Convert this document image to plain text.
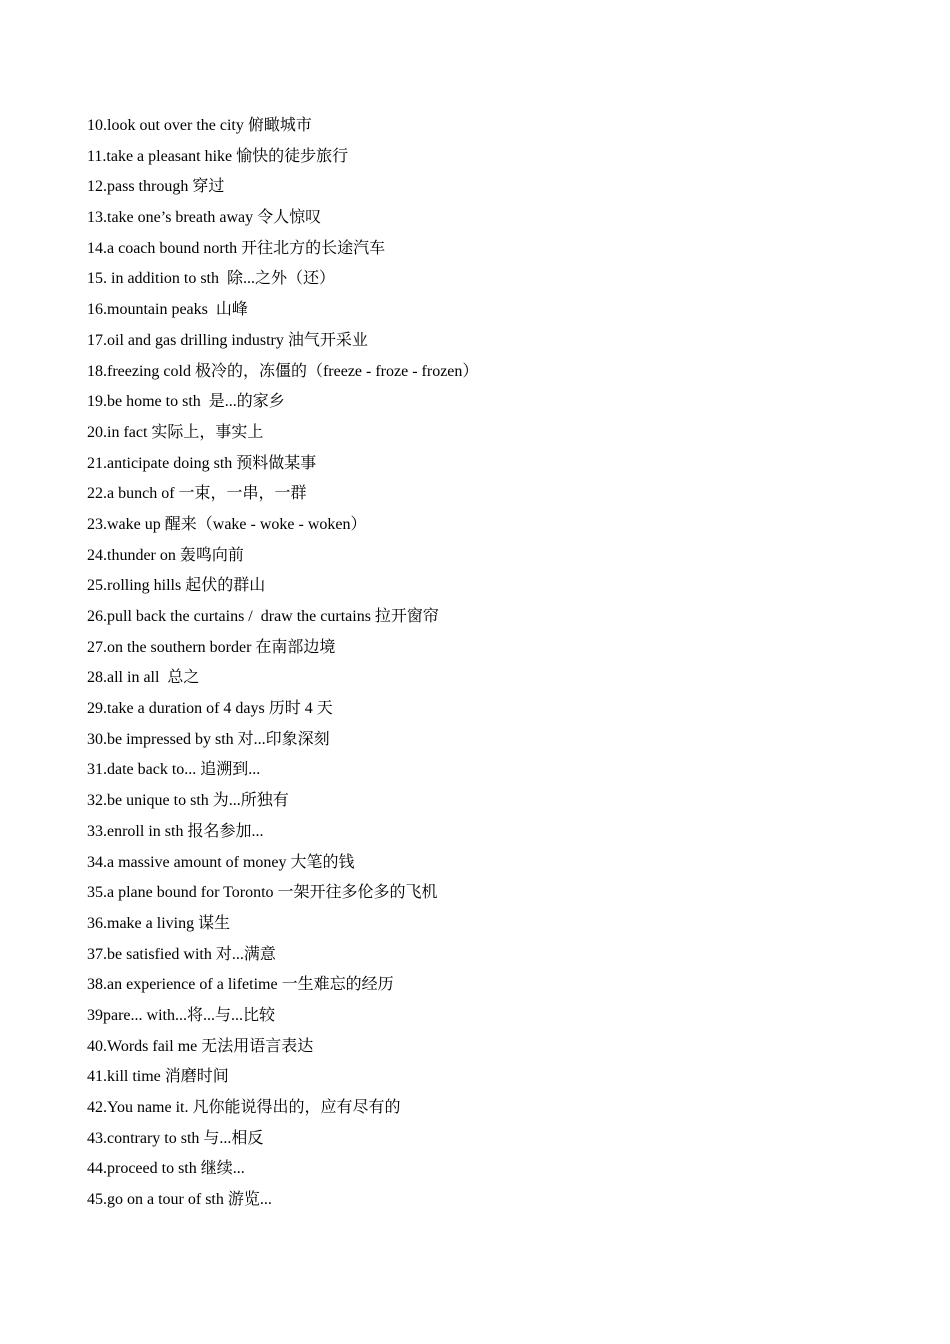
10.look out over the city 俯瞰城市
11.take a pleasant hike 愉快的徒步旅行
12.pass through 穿过
13.take one’s breath away 令人惊叹
14.a coach bound north 开往北方的长途汽车
15. in addition to sth  除...之外（还）
16.mountain peaks  山峰
17.oil and gas drilling industry 油气开采业
18.freezing cold 极冷的，冻僵的（freeze - froze - frozen）
19.be home to sth  是...的家乡
20.in fact 实际上，事实上
21.anticipate doing sth 预料做某事
22.a bunch of 一束，一串，一群
23.wake up 醒来（wake - woke - woken）
24.thunder on 轰鸣向前
25.rolling hills 起伏的群山
26.pull back the curtains /  draw the curtains 拉开窗帘
27.on the southern border 在南部边境
28.all in all  总之
29.take a duration of 4 days 历时 4 天
30.be impressed by sth 对...印象深刻
31.date back to... 追溯到...
32.be unique to sth 为...所独有
33.enroll in sth 报名参加...
34.a massive amount of money 大笔的钱
35.a plane bound for Toronto 一架开往多伦多的飞机
36.make a living 谋生
37.be satisfied with 对...满意
38.an experience of a lifetime 一生难忘的经历
39pare... with...将...与...比较
40.Words fail me 无法用语言表达
41.kill time 消磨时间
42.You name it. 凡你能说得出的，应有尽有的
43.contrary to sth 与...相反
44.proceed to sth 继续...
45.go on a tour of sth 游览...
